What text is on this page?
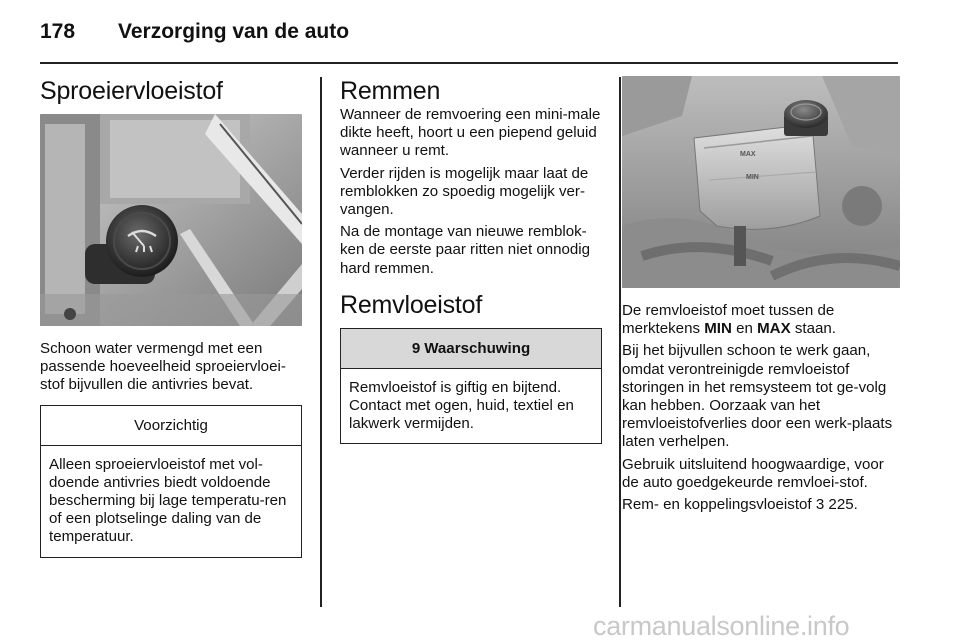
178 Verzorging van de auto
Sproeiervloeistof

Schoon water vermengd met een passende hoeveelheid sproeiervloei-stof bijvullen die antivries bevat.

Voorzichtig
Alleen sproeiervloeistof met vol-doende antivries biedt voldoende bescherming bij lage temperatu-ren of een plotselinge daling van de temperatuur.
Remmen

Wanneer de remvoering een mini-male dikte heeft, hoort u een piepend geluid wanneer u remt.

Verder rijden is mogelijk maar laat de remblokken zo spoedig mogelijk ver-vangen.

Na de montage van nieuwe remblok-ken de eerste paar ritten niet onnodig hard remmen.

Remvloeistof
9 Waarschuwing
Remvloeistof is giftig en bijtend. Contact met ogen, huid, textiel en lakwerk vermijden.
MAX
MIN

De remvloeistof moet tussen de merktekens MIN en MAX staan.

Bij het bijvullen schoon te werk gaan, omdat verontreinigde remvloeistof storingen in het remsysteem tot ge-volg kan hebben. Oorzaak van het remvloeistofverlies door een werk-plaats laten verhelpen.

Gebruik uitsluitend hoogwaardige, voor de auto goedgekeurde remvloei-stof.

Rem- en koppelingsvloeistof 3 225.

carmanualsonline.info
